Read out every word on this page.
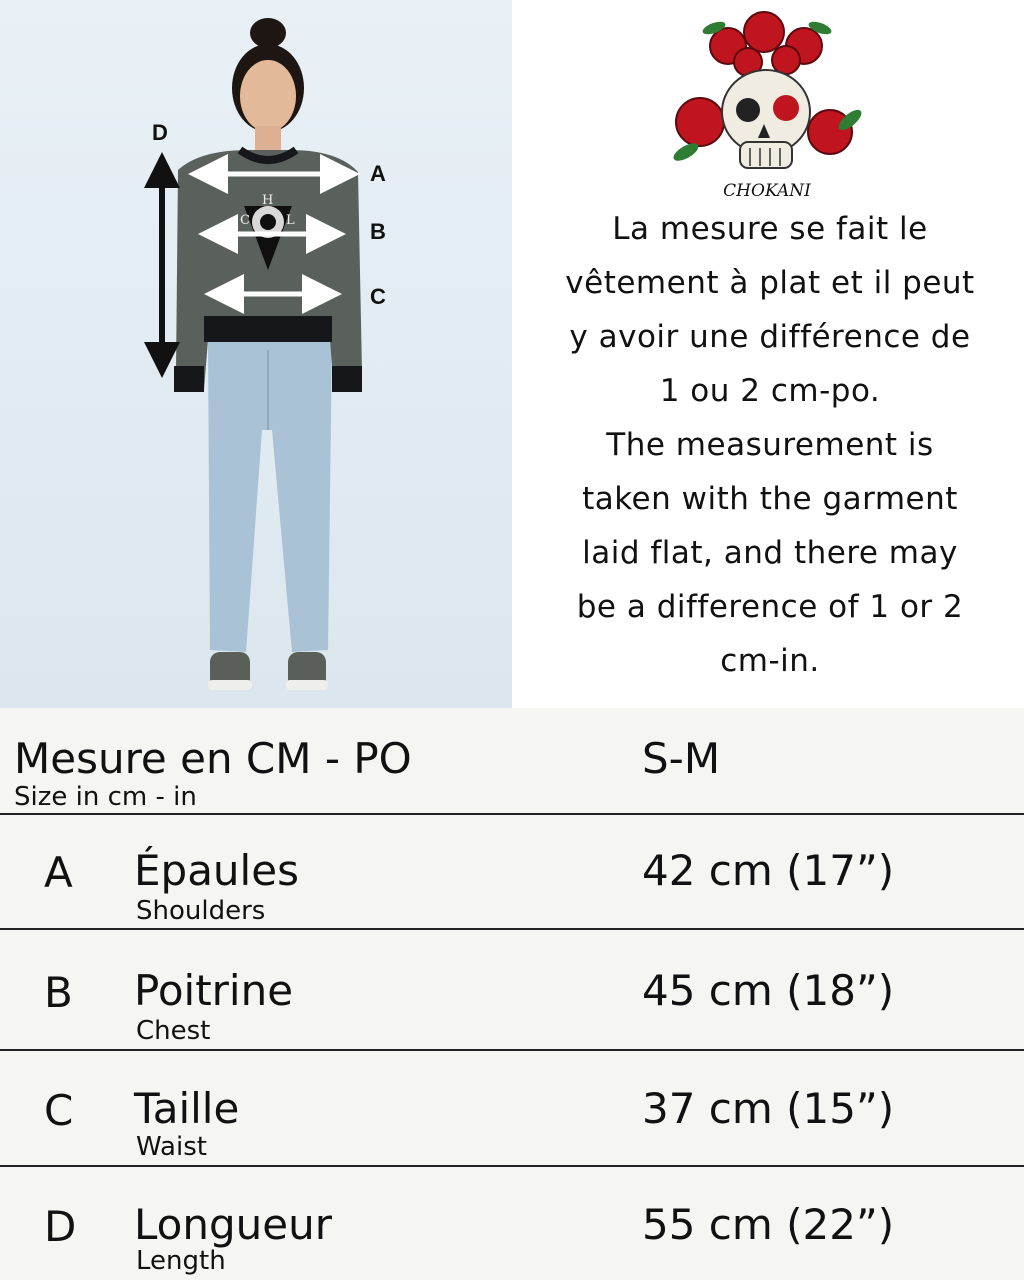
H
C	L
A
B
C
D
CHOKANI
La mesure se fait le
vêtement à plat et il peut
y avoir une différence de
1 ou 2 cm-po.
The measurement is
taken with the garment
laid flat, and there may
be a difference of 1 or 2
cm-in.
Mesure en CM - PO
Size in cm - in
S-M
A Épaules
Shoulders
42 cm (17”)
B Poitrine
Chest
45 cm (18”)
C Taille
Waist
37 cm (15”)
D Longueur
Length
55 cm (22”)
